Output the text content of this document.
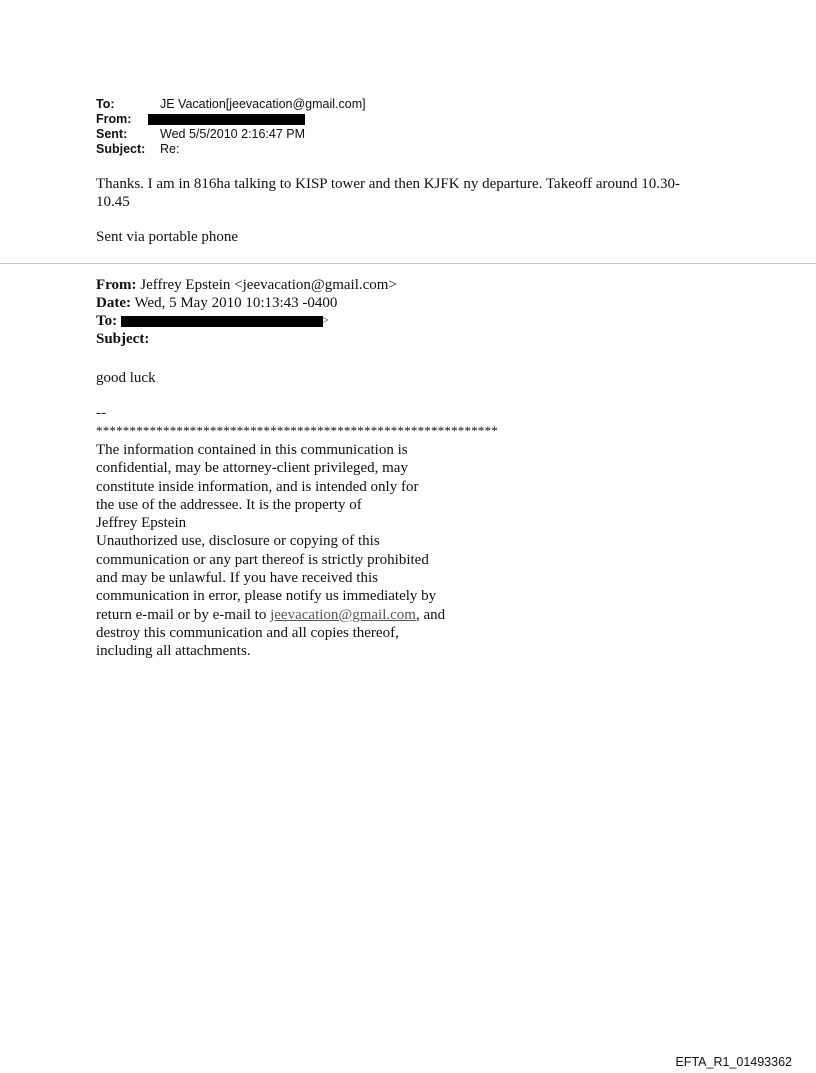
To:	JE Vacation[jeevacation@gmail.com]
From:
Sent:	Wed 5/5/2010 2:16:47 PM
Subject: Re:
Thanks. I am in 816ha talking to KISP tower and then KJFK ny departure. Takeoff around 10.30-
10.45
Sent via portable phone
From: Jeffrey Epstein <jeevacation@gmail.com>
Date: Wed, 5 May 2010 10:13:43 -0400
To:	>
Subject:
good luck
--
************************************************************
The information contained in this communication is
confidential, may be attorney-client privileged, may
constitute inside information, and is intended only for
the use of the addressee. It is the property of
Jeffrey Epstein
Unauthorized use, disclosure or copying of this
communication or any part thereof is strictly prohibited
and may be unlawful. If you have received this
communication in error, please notify us immediately by
return e-mail or by e-mail to jeevacation@gmail.com, and
destroy this communication and all copies thereof,
including all attachments.
EFTA_R1_01493362
